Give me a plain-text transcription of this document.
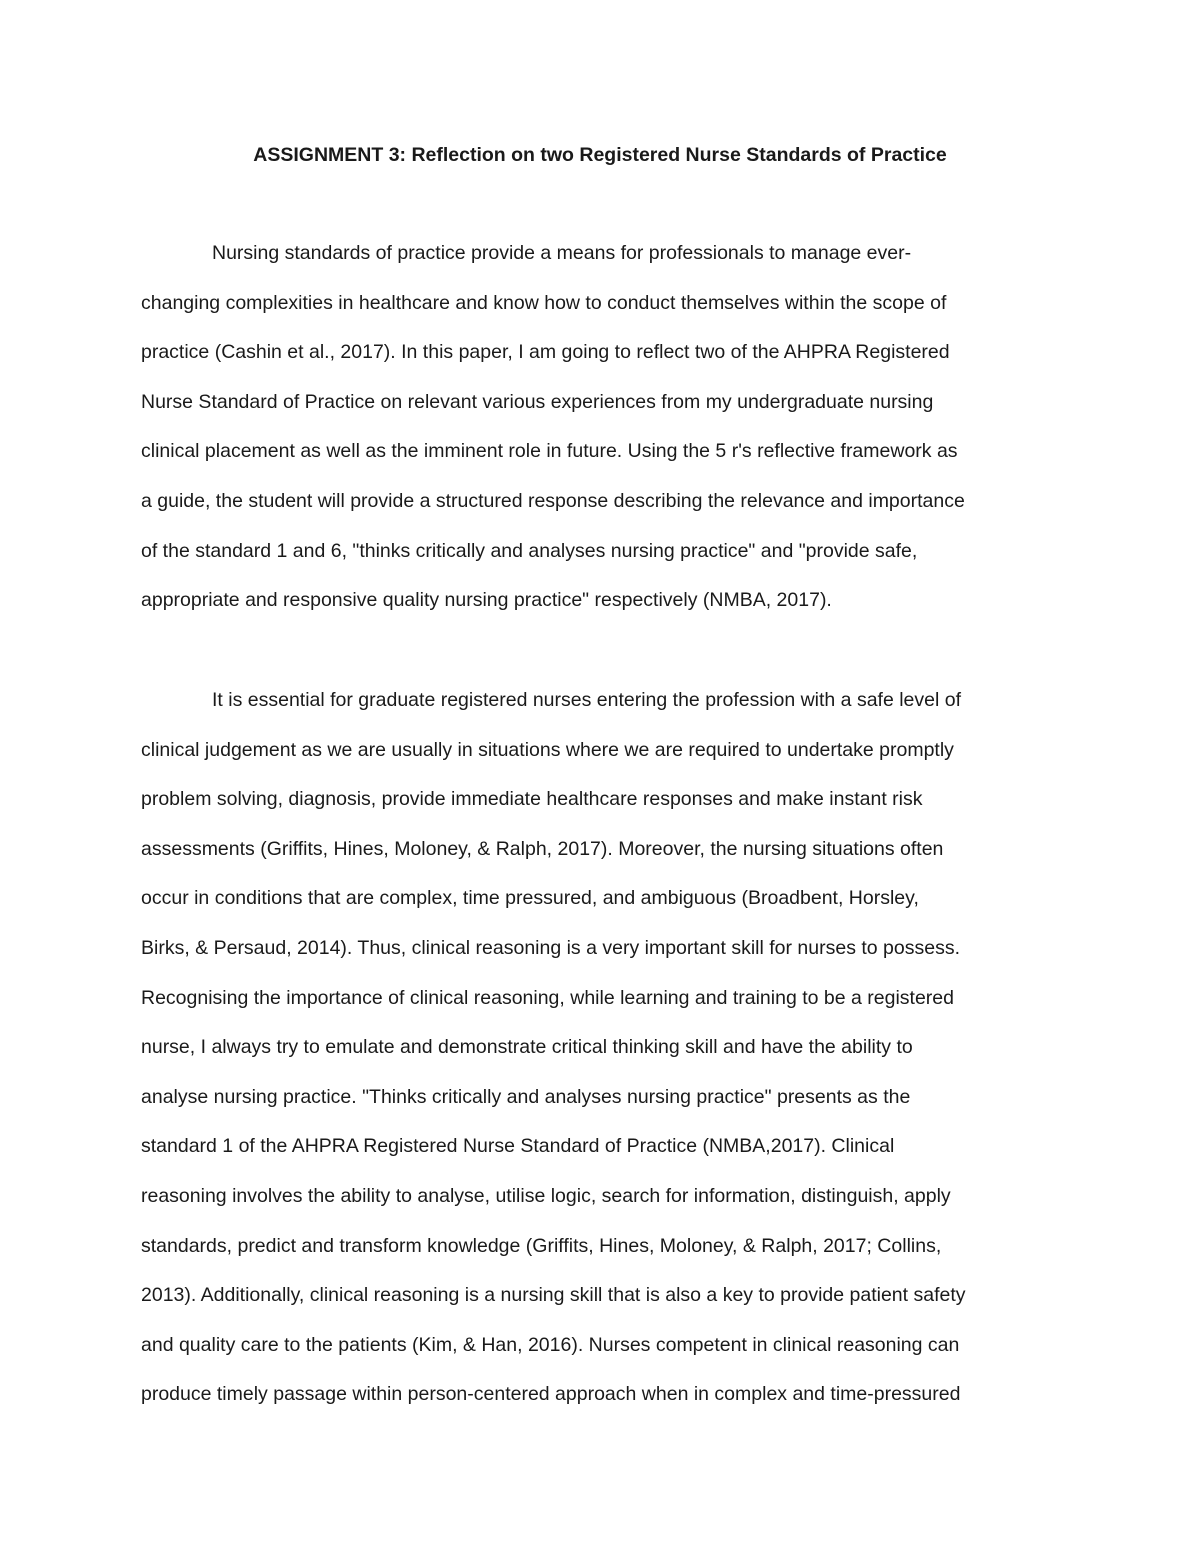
ASSIGNMENT 3: Reflection on two Registered Nurse Standards of Practice
Nursing standards of practice provide a means for professionals to manage ever-
changing complexities in healthcare and know how to conduct themselves within the scope of
practice (Cashin et al., 2017). In this paper, I am going to reflect two of the AHPRA Registered
Nurse Standard of Practice on relevant various experiences from my undergraduate nursing
clinical placement as well as the imminent role in future. Using the 5 r's reflective framework as
a guide, the student will provide a structured response describing the relevance and importance
of the standard 1 and 6, "thinks critically and analyses nursing practice" and "provide safe,
appropriate and responsive quality nursing practice" respectively (NMBA, 2017).
It is essential for graduate registered nurses entering the profession with a safe level of
clinical judgement as we are usually in situations where we are required to undertake promptly
problem solving, diagnosis, provide immediate healthcare responses and make instant risk
assessments (Griffits, Hines, Moloney, & Ralph, 2017). Moreover, the nursing situations often
occur in conditions that are complex, time pressured, and ambiguous (Broadbent, Horsley,
Birks, & Persaud, 2014). Thus, clinical reasoning is a very important skill for nurses to possess.
Recognising the importance of clinical reasoning, while learning and training to be a registered
nurse, I always try to emulate and demonstrate critical thinking skill and have the ability to
analyse nursing practice. "Thinks critically and analyses nursing practice" presents as the
standard 1 of the AHPRA Registered Nurse Standard of Practice (NMBA,2017). Clinical
reasoning involves the ability to analyse, utilise logic, search for information, distinguish, apply
standards, predict and transform knowledge (Griffits, Hines, Moloney, & Ralph, 2017; Collins,
2013). Additionally, clinical reasoning is a nursing skill that is also a key to provide patient safety
and quality care to the patients (Kim, & Han, 2016). Nurses competent in clinical reasoning can
produce timely passage within person-centered approach when in complex and time-pressured
